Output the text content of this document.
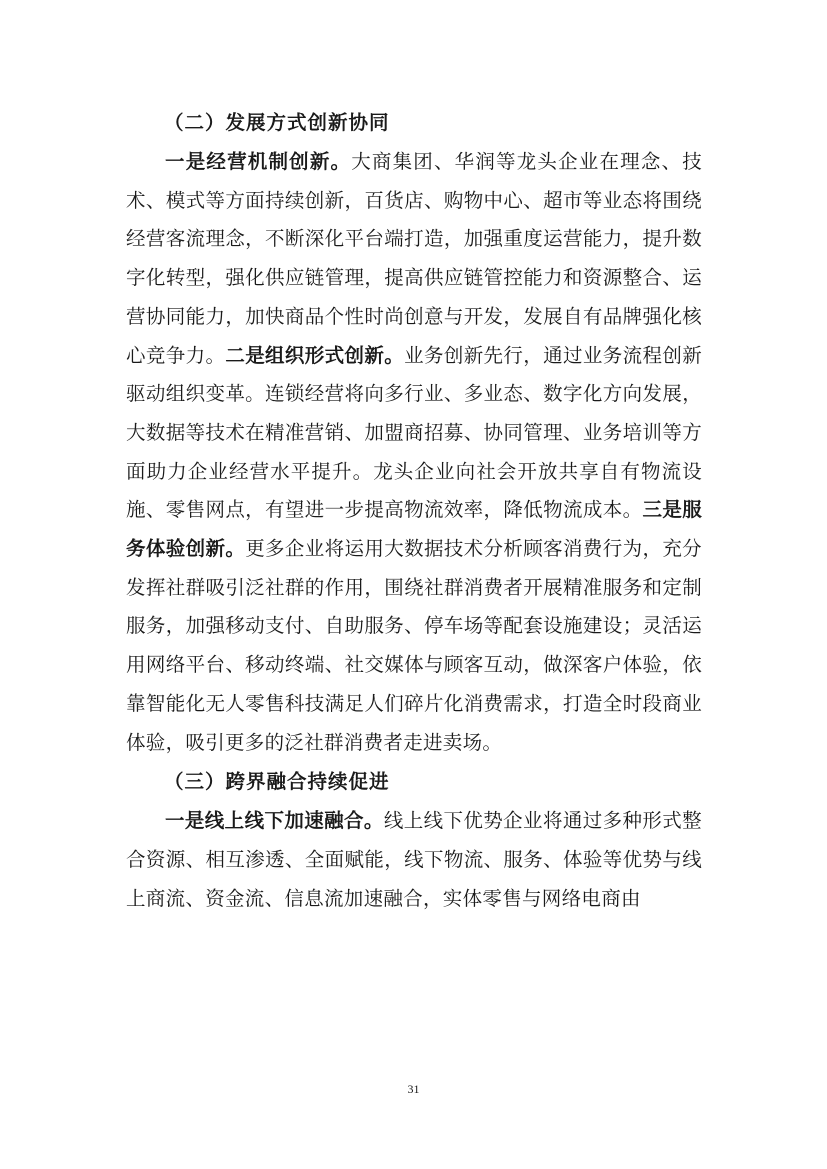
（二）发展方式创新协同

一是经营机制创新。大商集团、华润等龙头企业在理念、技术、模式等方面持续创新，百货店、购物中心、超市等业态将围绕经营客流理念，不断深化平台端打造，加强重度运营能力，提升数字化转型，强化供应链管理，提高供应链管控能力和资源整合、运营协同能力，加快商品个性时尚创意与开发，发展自有品牌强化核心竞争力。二是组织形式创新。业务创新先行，通过业务流程创新驱动组织变革。连锁经营将向多行业、多业态、数字化方向发展，大数据等技术在精准营销、加盟商招募、协同管理、业务培训等方面助力企业经营水平提升。龙头企业向社会开放共享自有物流设施、零售网点，有望进一步提高物流效率，降低物流成本。三是服务体验创新。更多企业将运用大数据技术分析顾客消费行为，充分发挥社群吸引泛社群的作用，围绕社群消费者开展精准服务和定制服务，加强移动支付、自助服务、停车场等配套设施建设；灵活运用网络平台、移动终端、社交媒体与顾客互动，做深客户体验，依靠智能化无人零售科技满足人们碎片化消费需求，打造全时段商业体验，吸引更多的泛社群消费者走进卖场。

（三）跨界融合持续促进

一是线上线下加速融合。线上线下优势企业将通过多种形式整合资源、相互渗透、全面赋能，线下物流、服务、体验等优势与线上商流、资金流、信息流加速融合，实体零售与网络电商由

31
